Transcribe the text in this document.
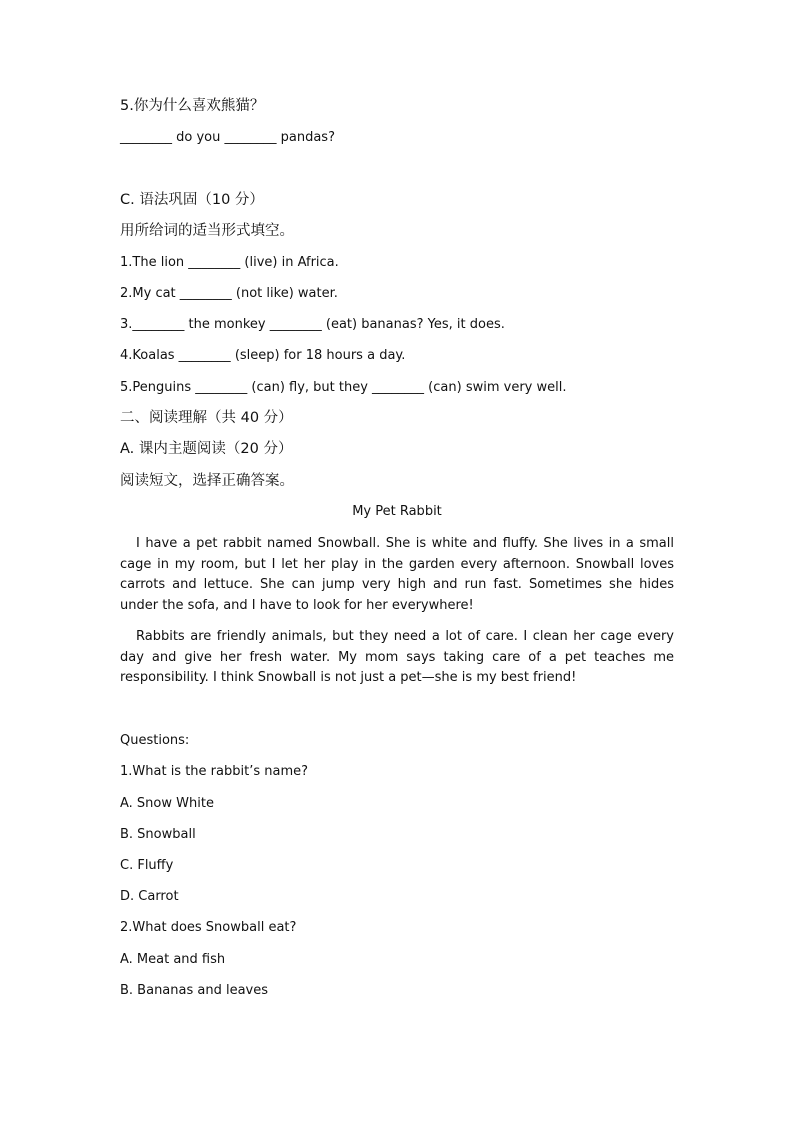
5.你为什么喜欢熊猫？
________ do you ________ pandas?
C. 语法巩固（10 分）
用所给词的适当形式填空。
1.The lion ________ (live) in Africa.
2.My cat ________ (not like) water.
3.________ the monkey ________ (eat) bananas? Yes, it does.
4.Koalas ________ (sleep) for 18 hours a day.
5.Penguins ________ (can) fly, but they ________ (can) swim very well.
二、阅读理解（共 40 分）
A. 课内主题阅读（20 分）
阅读短文，选择正确答案。
My Pet Rabbit

I have a pet rabbit named Snowball. She is white and fluffy. She lives in a small cage in my room, but I let her play in the garden every afternoon. Snowball loves carrots and lettuce. She can jump very high and run fast. Sometimes she hides under the sofa, and I have to look for her everywhere!

Rabbits are friendly animals, but they need a lot of care. I clean her cage every day and give her fresh water. My mom says taking care of a pet teaches me responsibility. I think Snowball is not just a pet—she is my best friend!

Questions:
1.What is the rabbit’s name?
A. Snow White
B. Snowball
C. Fluffy
D. Carrot
2.What does Snowball eat?
A. Meat and fish
B. Bananas and leaves
